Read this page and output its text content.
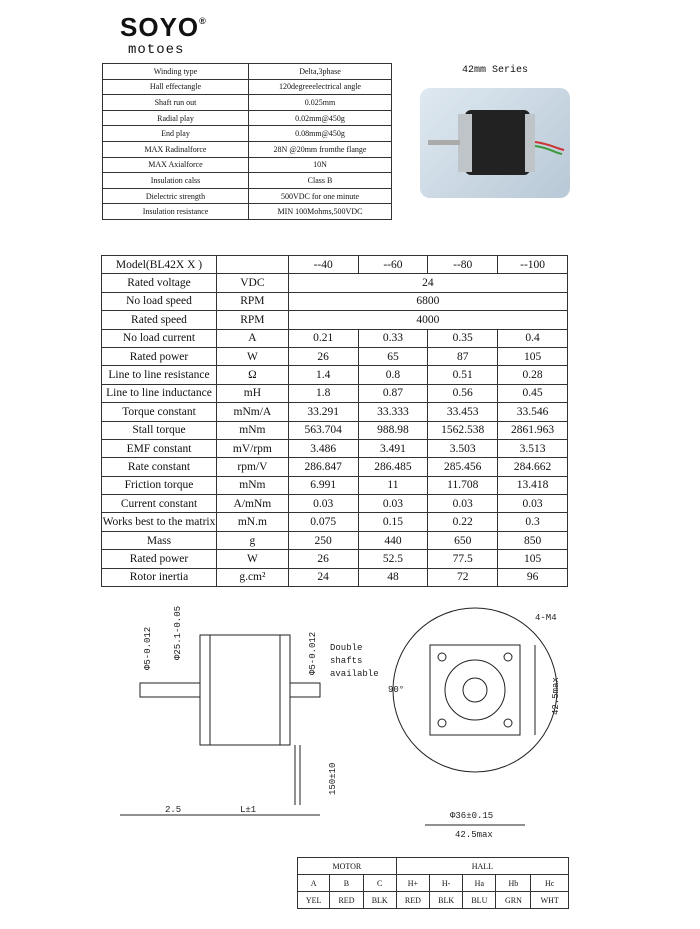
SOYO®
motoes
Winding type	Delta,3phase
Hall effectangle	120degreeelectrical angle
Shaft run out	0.025mm
Radial play	0.02mm@450g
End play	0.08mm@450g
MAX Radinalforce	28N @20mm fromthe flange
MAX Axialforce	10N
Insulation calss	Class B
Dielectric strength	500VDC for one minute
Insulation resistance	MIN 100Mohms,500VDC
42mm Series
Model(BL42X X )		--40	--60	--80	--100
Rated voltage	VDC	24			
No load speed	RPM	6800			
Rated speed	RPM	4000			
No load current	A	0.21	0.33	0.35	0.4
Rated power	W	26	65	87	105
Line to line resistance	Ω	1.4	0.8	0.51	0.28
Line to line inductance	mH	1.8	0.87	0.56	0.45
Torque constant	mNm/A	33.291	33.333	33.453	33.546
Stall torque	mNm	563.704	988.98	1562.538	2861.963
EMF constant	mV/rpm	3.486	3.491	3.503	3.513
Rate constant	rpm/V	286.847	286.485	285.456	284.662
Friction torque	mNm	6.991	11	11.708	13.418
Current constant	A/mNm	0.03	0.03	0.03	0.03
Works best to the matrix	mN.m	0.075	0.15	0.22	0.3
Mass	g	250	440	650	850
Rated power	W	26	52.5	77.5	105
Rotor inertia	g.cm²	24	48	72	96
Φ5-0.012 Φ25.1-0.05	Φ5-0.012 Double
shafts
available
2.5	L±1
150±10
90°
4-M4
42.5max
Φ36±0.15
42.5max
MOTOR			HALL				
A	B	C	H+	H-	Ha	Hb	Hc
YEL	RED	BLK	RED	BLK	BLU	GRN	WHT
